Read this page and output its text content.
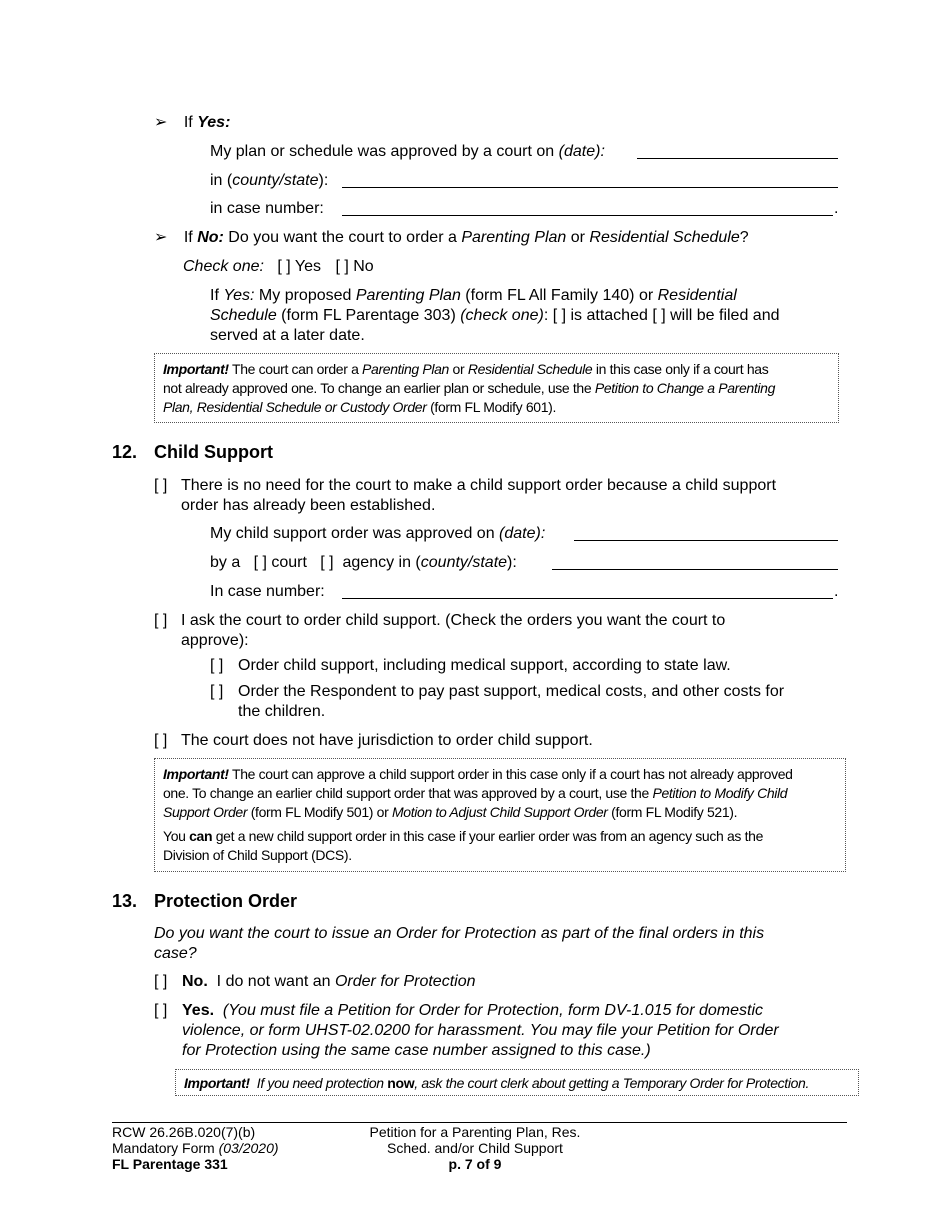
➢ If Yes:
My plan or schedule was approved by a court on (date):
in (county/state):
in case number:	.
➢ If No: Do you want the court to order a Parenting Plan or Residential Schedule?
Check one: [ ] Yes [ ] No
If Yes: My proposed Parenting Plan (form FL All Family 140) or Residential
Schedule (form FL Parentage 303) (check one): [ ] is attached [ ] will be filed and
served at a later date.

Important! The court can order a Parenting Plan or Residential Schedule in this case only if a court has

not already approved one. To change an earlier plan or schedule, use the Petition to Change a Parenting

Plan, Residential Schedule or Custody Order (form FL Modify 601).

12. Child Support
[ ] There is no need for the court to make a child support order because a child support
order has already been established.
My child support order was approved on (date):
by a   [ ] court   [ ]  agency in (county/state):
In case number:	.
[ ] I ask the court to order child support. (Check the orders you want the court to
approve):
[ ] Order child support, including medical support, according to state law.
[ ] Order the Respondent to pay past support, medical costs, and other costs for
the children.
[ ] The court does not have jurisdiction to order child support.

Important! The court can approve a child support order in this case only if a court has not already approved

one. To change an earlier child support order that was approved by a court, use the Petition to Modify Child

Support Order (form FL Modify 501) or Motion to Adjust Child Support Order (form FL Modify 521).

You can get a new child support order in this case if your earlier order was from an agency such as the

Division of Child Support (DCS).

13. Protection Order
Do you want the court to issue an Order for Protection as part of the final orders in this
case?
[ ] No.  I do not want an Order for Protection
[ ] Yes.  (You must file a Petition for Order for Protection, form DV-1.015 for domestic
violence, or form UHST-02.0200 for harassment. You may file your Petition for Order
for Protection using the same case number assigned to this case.)

Important!  If you need protection now, ask the court clerk about getting a Temporary Order for Protection.

RCW 26.26B.020(7)(b)
Mandatory Form (03/2020)
FL Parentage 331
Petition for a Parenting Plan, Res.
Sched. and/or Child Support
p. 7 of 9
